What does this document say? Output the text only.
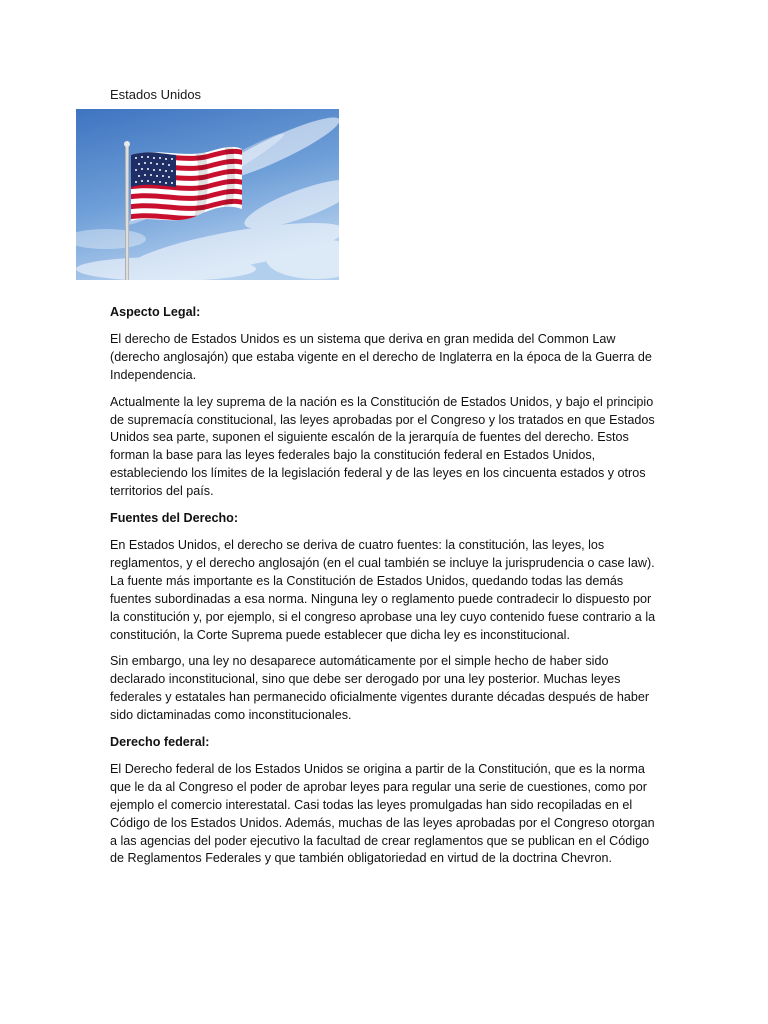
Estados Unidos
Aspecto Legal:

El derecho de Estados Unidos es un sistema que deriva en gran medida del Common Law (derecho anglosajón) que estaba vigente en el derecho de Inglaterra en la época de la Guerra de Independencia.

Actualmente la ley suprema de la nación es la Constitución de Estados Unidos, y bajo el principio de supremacía constitucional, las leyes aprobadas por el Congreso y los tratados en que Estados Unidos sea parte, suponen el siguiente escalón de la jerarquía de fuentes del derecho. Estos forman la base para las leyes federales bajo la constitución federal en Estados Unidos, estableciendo los límites de la legislación federal y de las leyes en los cincuenta estados y otros territorios del país.

Fuentes del Derecho:

En Estados Unidos, el derecho se deriva de cuatro fuentes: la constitución, las leyes, los reglamentos, y el derecho anglosajón (en el cual también se incluye la jurisprudencia o case law). La fuente más importante es la Constitución de Estados Unidos, quedando todas las demás fuentes subordinadas a esa norma. Ninguna ley o reglamento puede contradecir lo dispuesto por la constitución y, por ejemplo, si el congreso aprobase una ley cuyo contenido fuese contrario a la constitución, la Corte Suprema puede establecer que dicha ley es inconstitucional.

Sin embargo, una ley no desaparece automáticamente por el simple hecho de haber sido declarado inconstitucional, sino que debe ser derogado por una ley posterior. Muchas leyes federales y estatales han permanecido oficialmente vigentes durante décadas después de haber sido dictaminadas como inconstitucionales.

Derecho federal:

El Derecho federal de los Estados Unidos se origina a partir de la Constitución, que es la norma que le da al Congreso el poder de aprobar leyes para regular una serie de cuestiones, como por ejemplo el comercio interestatal. Casi todas las leyes promulgadas han sido recopiladas en el Código de los Estados Unidos. Además, muchas de las leyes aprobadas por el Congreso otorgan a las agencias del poder ejecutivo la facultad de crear reglamentos que se publican en el Código de Reglamentos Federales y que también obligatoriedad en virtud de la doctrina Chevron.
